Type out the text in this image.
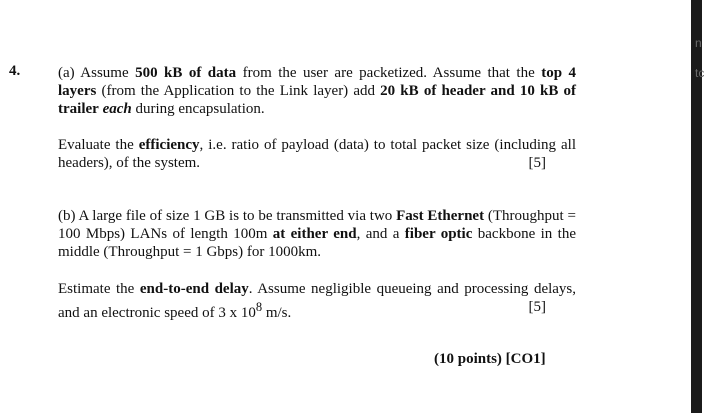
4.	(a) Assume 500 kB of data from the user are packetized. Assume that the top 4 layers (from the Application to the Link layer) add 20 kB of header and 10 kB of trailer each during encapsulation.
Evaluate the efficiency, i.e. ratio of payload (data) to total packet size (including all headers), of the system.	[5]
(b) A large file of size 1 GB is to be transmitted via two Fast Ethernet (Throughput = 100 Mbps) LANs of length 100m at either end, and a fiber optic backbone in the middle (Throughput = 1 Gbps) for 1000km.
Estimate the end-to-end delay. Assume negligible queueing and processing delays, and an electronic speed of 3 x $10^8$ m/s.	[5]
(10 points) [CO1]
n
tc
